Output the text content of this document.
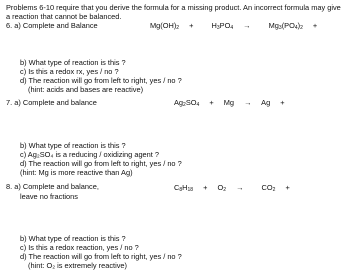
Problems 6-10 require that you derive the formula for a missing product. An incorrect formula may give a reaction that cannot be balanced.
6. a) Complete and Balance	$Mg(OH)_2 + H_3PO_4 \to Mg_3(PO_4)_2$ +
b) What type of reaction is this ?
c) Is this a redox rx, yes / no ?
d) The reaction will go from left to right, yes / no ?
(hint: acids and bases are reactive)
7. a) Complete and balance	$Ag_2SO_4 + Mg \to Ag$ +
b) What type of reaction is this ?
c) Ag₂SO₄ is a reducing / oxidizing agent ?
d) The reaction will go from left to right, yes / no ?
(hint: Mg is more reactive than Ag)
8. a) Complete and balance,
leave no fractions
$C_8H_{18} + O_2 \to CO_2$ +
b) What type of reaction is this ?
c) Is this a redox reaction, yes / no ?
d) The reaction will go from left to right, yes / no ?
(hint: O₂ is extremely reactive)
